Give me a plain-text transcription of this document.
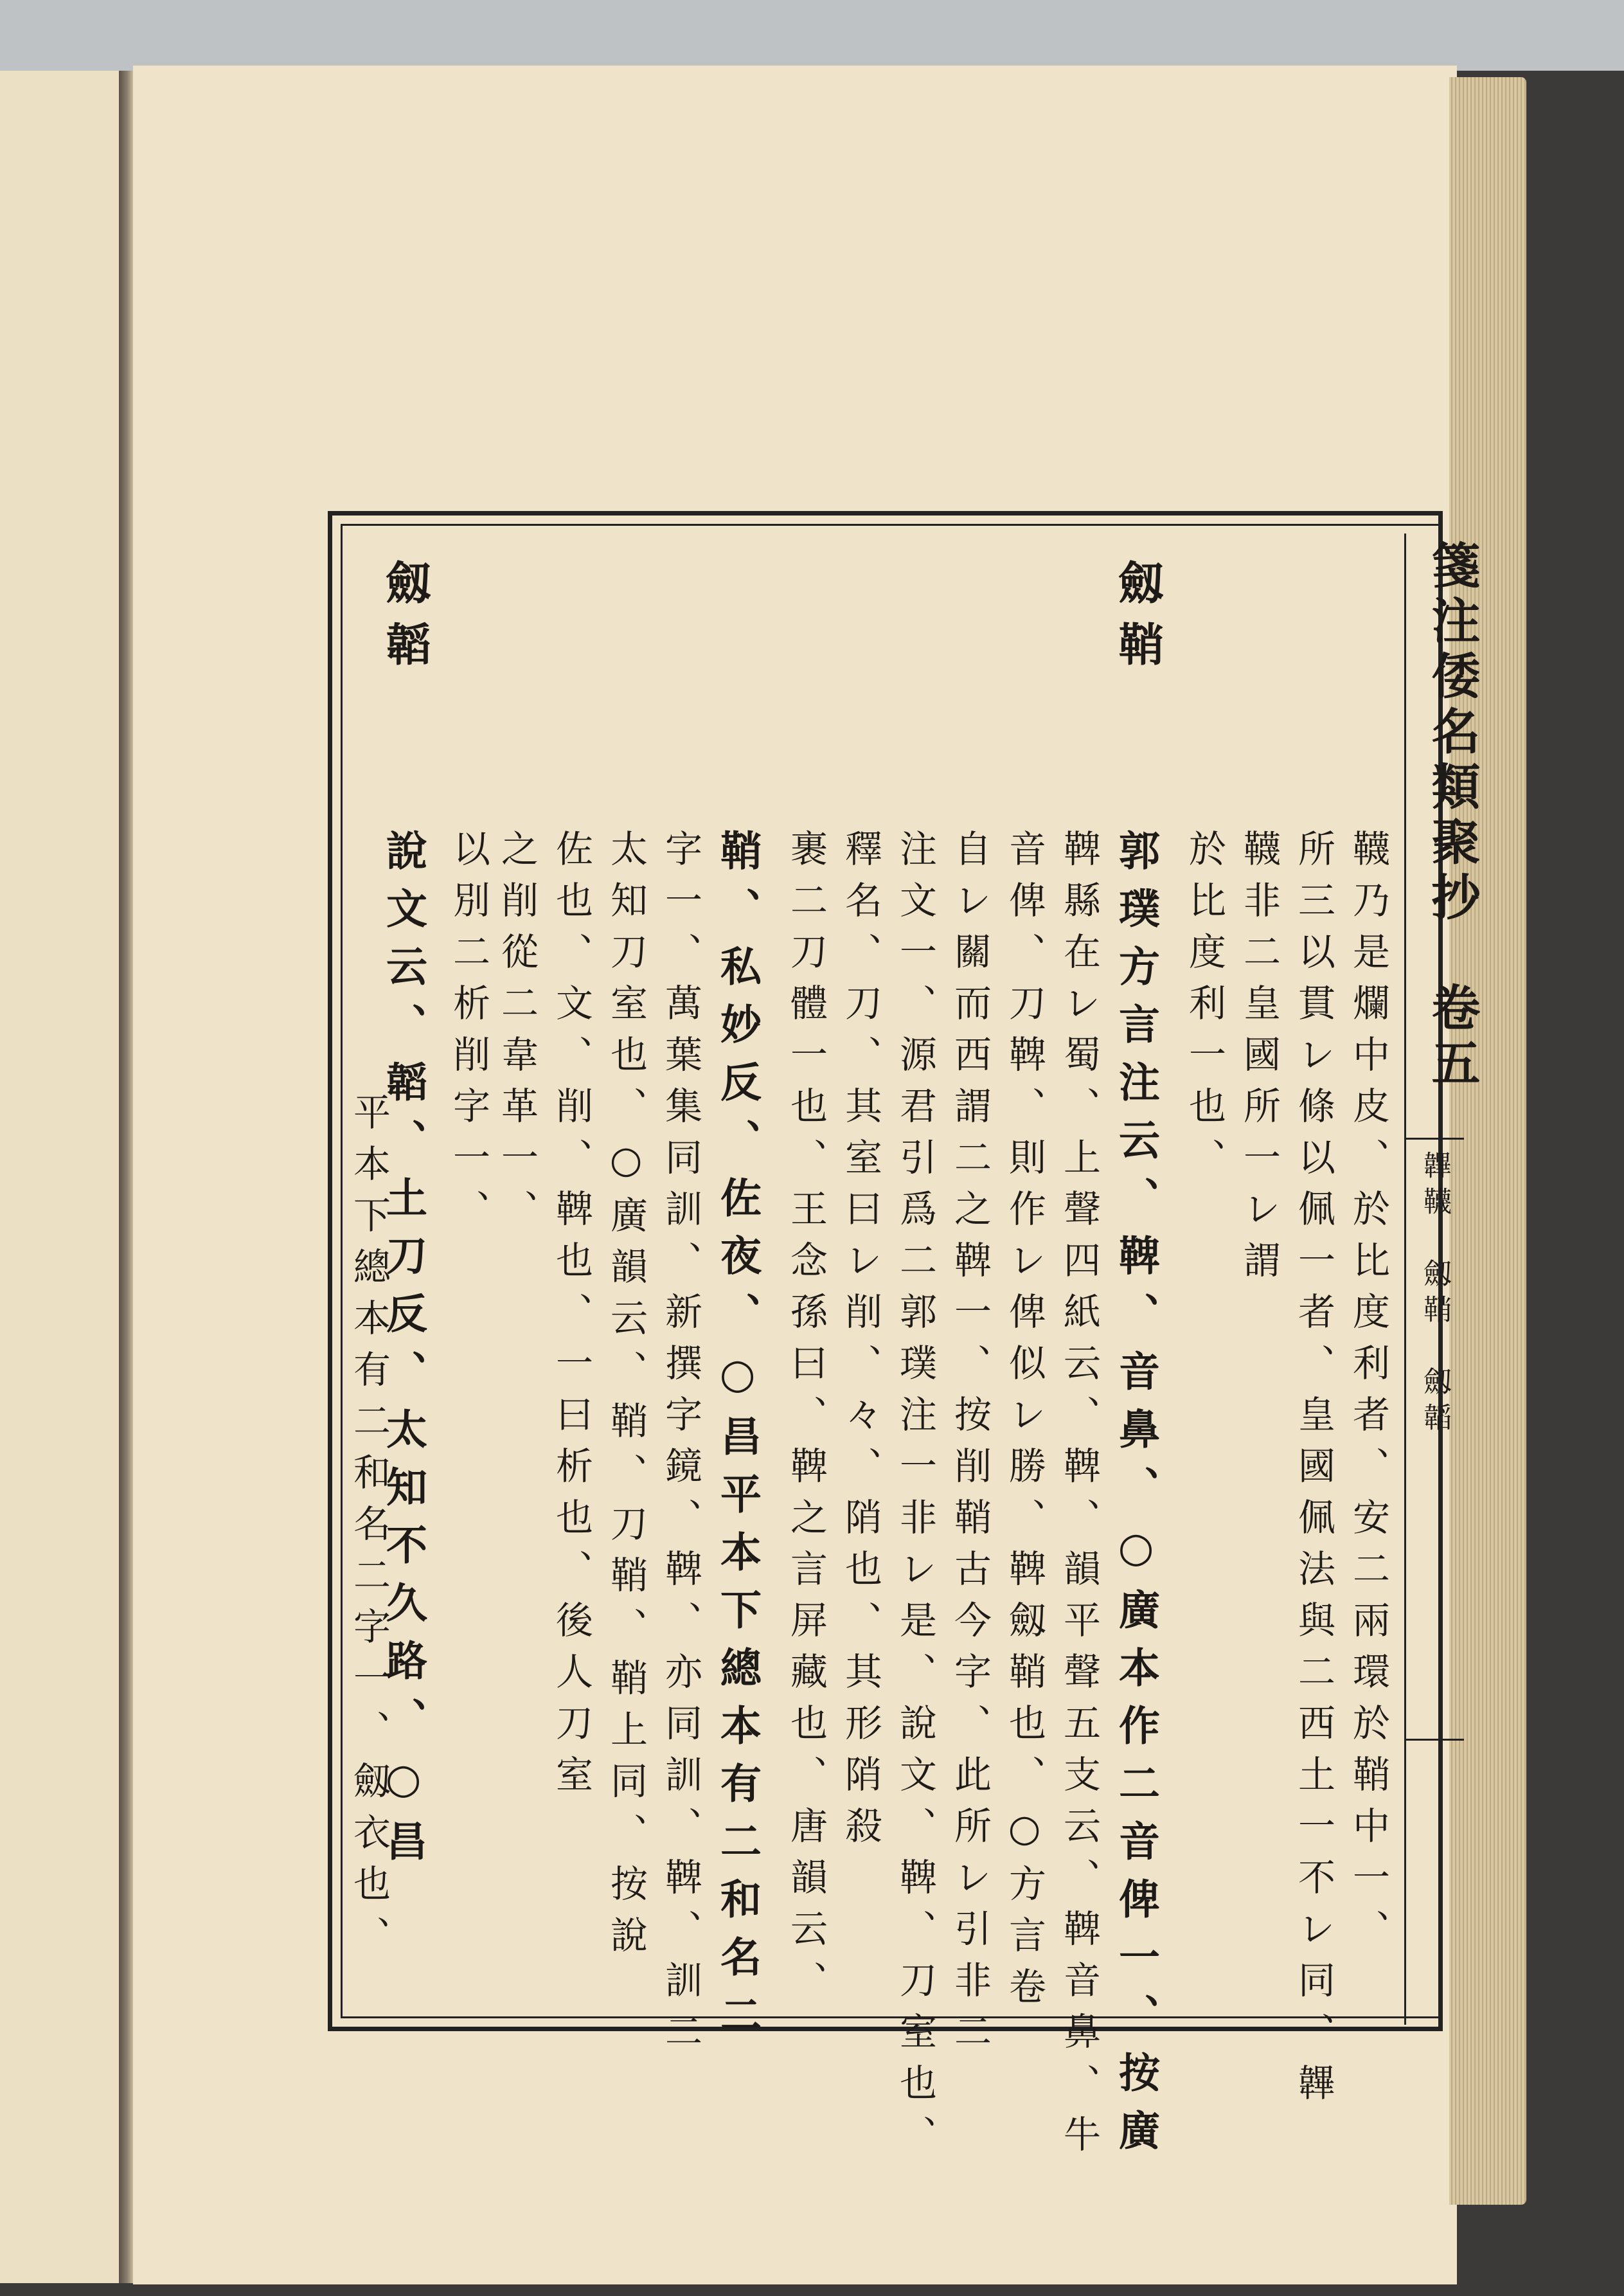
箋注倭名類聚抄　卷五
韠韈　劔鞘　劔韜
韈乃是爛中皮、於比度利者、安二兩環於鞘中一、
所三以貫レ條以佩一者、皇國佩法與二西土一不レ同、韠
韈非二皇國所一レ謂
於比度利一也、
劔鞘
郭璞方言注云、鞞、音鼻、○廣本作二音俾一、按廣
鞞縣在レ蜀、上聲四紙云、鞞、韻平聲五支云、鞞音鼻、牛
音俾、刀鞞、則作レ俾似レ勝、鞞劔鞘也、○方言卷
自レ關而西謂二之鞞一、按削鞘古今字、此所レ引非二
注文一、源君引爲二郭璞注一非レ是、說文、鞞、刀室也、
釋名、刀、其室曰レ削、々、陗也、其形陗殺
裹二刀體一也、王念孫曰、鞞之言屏藏也、唐韻云、
鞘、私妙反、佐夜、○昌平本下總本有二和名二
字一、萬葉集同訓、新撰字鏡、鞞、亦同訓、鞞、訓二
太知刀室也、○廣韻云、鞘、刀鞘、鞘上同、按說
佐也、文、削、鞞也、一曰析也、後人刀室
之削從二韋革一、
以別二析削字一、
說文云、韜、土刀反、太知不久路、○昌
平本下總本有二和名二字一、劔衣也、
劔韜
